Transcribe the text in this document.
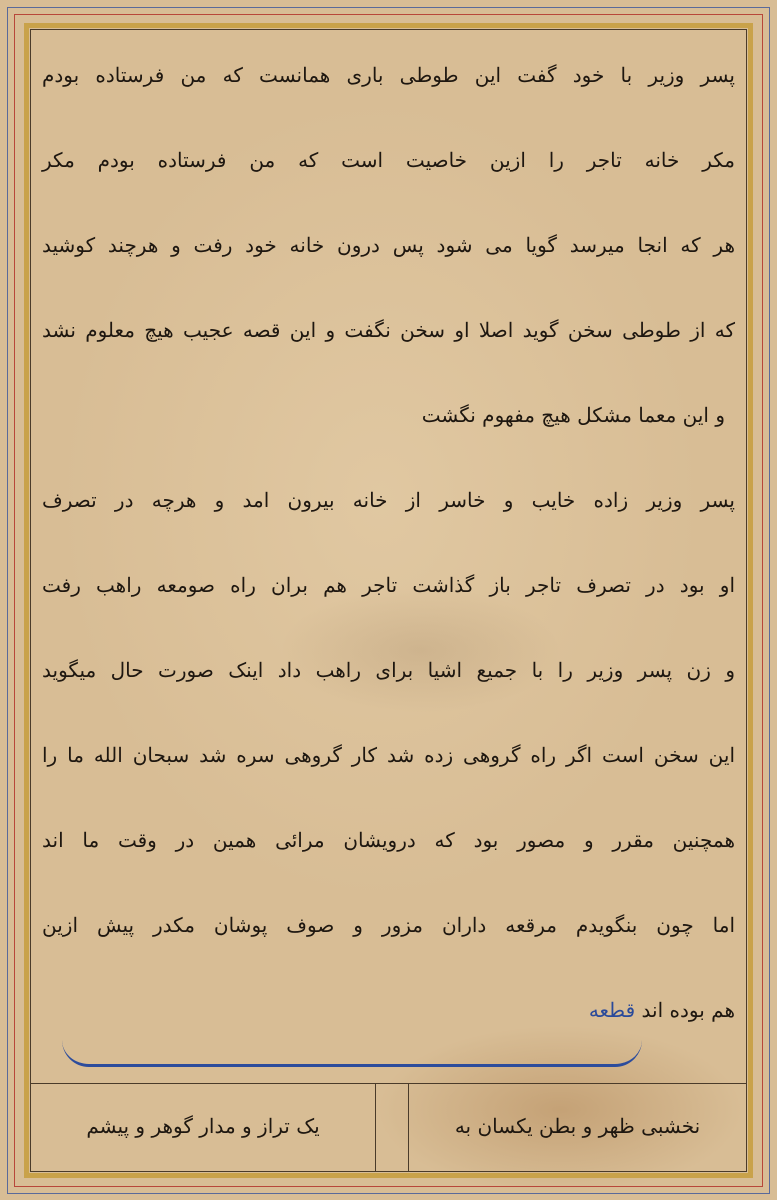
پسر وزیر با خود گفت این طوطی باری همانست که من فرستاده بودم
مکر خانه تاجر را ازین خاصیت است که من فرستاده بودم مکر
هر که انجا میرسد گویا می شود پس درون خانه خود رفت و هرچند کوشید
که از طوطی سخن گوید اصلا او سخن نگفت و این قصه عجیب هیچ معلوم نشد
و این معما مشکل هیچ مفهوم نگشت
پسر وزیر زاده خایب و خاسر از خانه بیرون امد و هرچه در تصرف
او بود در تصرف تاجر باز گذاشت تاجر هم بران راه صومعه راهب رفت
و زن پسر وزیر را با جمیع اشیا برای راهب داد اینک صورت حال میگوید
این سخن است اگر راه گروهی زده شد کار گروهی سره شد سبحان الله ما را
همچنین مقرر و مصور بود که درویشان مرائی همین در وقت ما اند
اما چون بنگویدم مرقعه داران مزور و صوف پوشان مکدر پیش ازین
هم بوده اند قطعه
نخشبی ظهر و بطن یکسان به
یک تراز و مدار گوهر و پیشم
